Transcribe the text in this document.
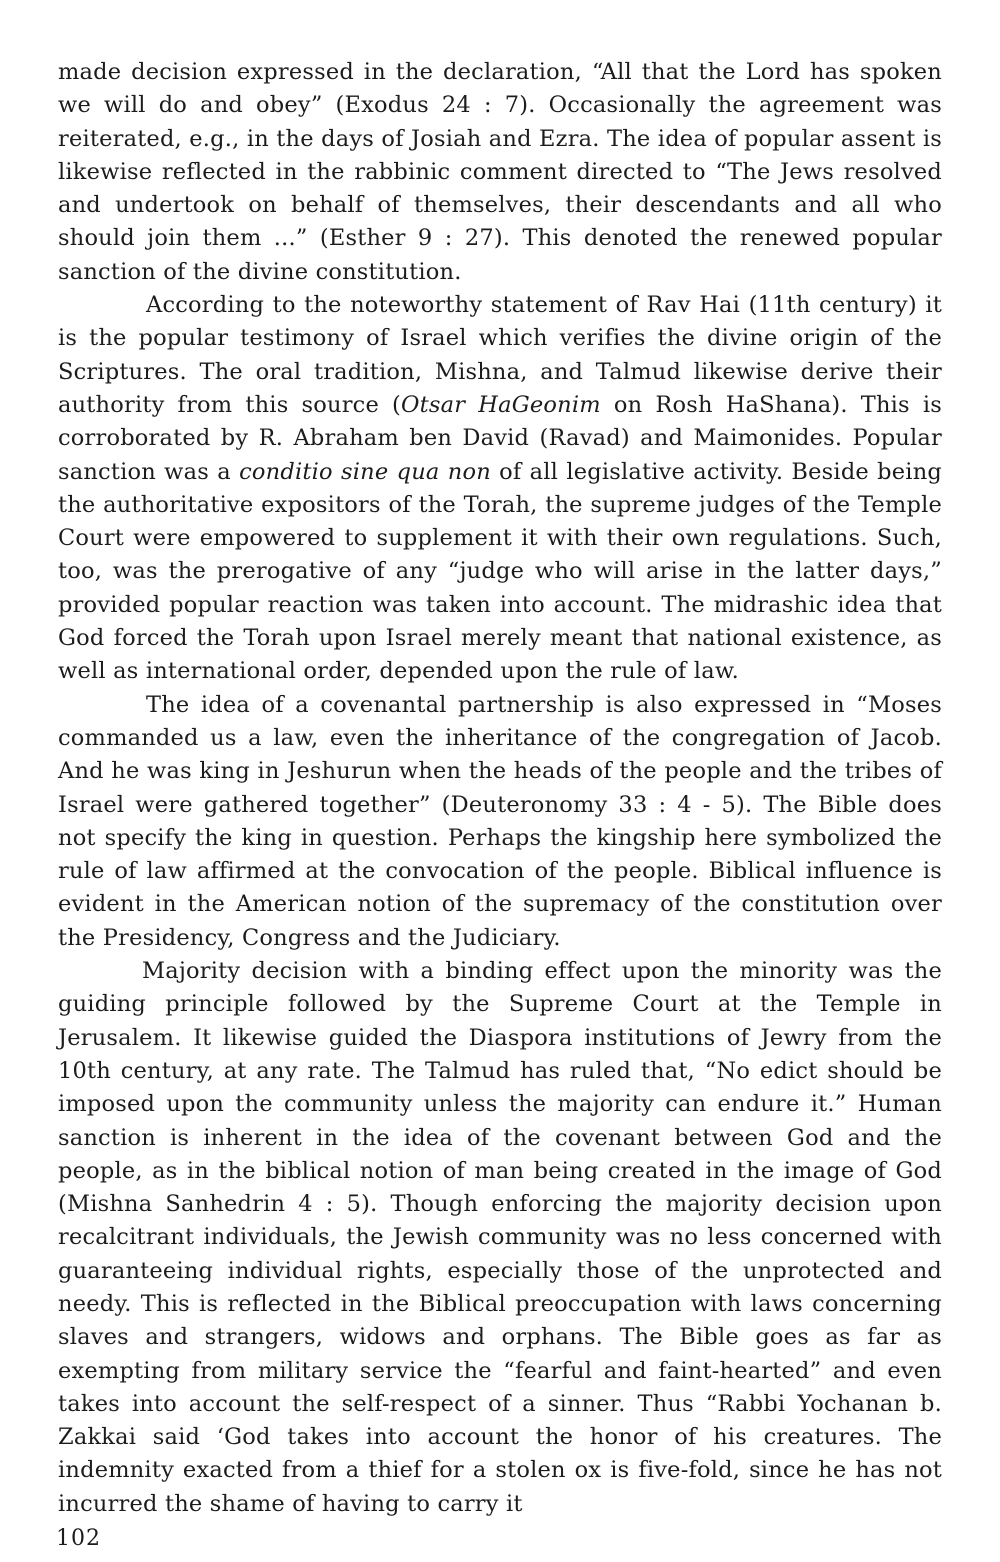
made decision expressed in the declaration, “All that the Lord has spoken we will do and obey” (Exodus 24 : 7). Occasionally the agreement was reiterated, e.g., in the days of Josiah and Ezra. The idea of popular assent is likewise reflected in the rabbinic comment directed to “The Jews resolved and undertook on behalf of themselves, their descendants and all who should join them ...” (Esther 9 : 27). This denoted the renewed popular sanction of the divine constitution.

According to the noteworthy statement of Rav Hai (11th century) it is the popular testimony of Israel which verifies the divine origin of the Scriptures. The oral tradition, Mishna, and Talmud likewise derive their authority from this source (Otsar HaGeonim on Rosh HaShana). This is corroborated by R. Abraham ben David (Ravad) and Maimonides. Popular sanction was a conditio sine qua non of all legislative activity. Beside being the authoritative expositors of the Torah, the supreme judges of the Temple Court were empowered to supplement it with their own regulations. Such, too, was the prerogative of any “judge who will arise in the latter days,” provided popular reaction was taken into account. The midrashic idea that God forced the Torah upon Israel merely meant that national existence, as well as international order, depended upon the rule of law.

The idea of a covenantal partnership is also expressed in “Moses commanded us a law, even the inheritance of the congregation of Jacob. And he was king in Jeshurun when the heads of the people and the tribes of Israel were gathered together” (Deuteronomy 33 : 4 - 5). The Bible does not specify the king in question. Perhaps the kingship here symbolized the rule of law affirmed at the convocation of the people. Biblical influence is evident in the American notion of the supremacy of the constitution over the Presidency, Congress and the Judiciary.

Majority decision with a binding effect upon the minority was the guiding principle followed by the Supreme Court at the Temple in Jerusalem. It likewise guided the Diaspora institutions of Jewry from the 10th century, at any rate. The Talmud has ruled that, “No edict should be imposed upon the community unless the majority can endure it.” Human sanction is inherent in the idea of the covenant between God and the people, as in the biblical notion of man being created in the image of God (Mishna Sanhedrin 4 : 5). Though enforcing the majority decision upon recalcitrant individuals, the Jewish community was no less concerned with guaranteeing individual rights, especially those of the unprotected and needy. This is reflected in the Biblical preoccupation with laws concerning slaves and strangers, widows and orphans. The Bible goes as far as exempting from military service the “fearful and faint-hearted” and even takes into account the self-respect of a sinner. Thus “Rabbi Yochanan b. Zakkai said ‘God takes into account the honor of his creatures. The indemnity exacted from a thief for a stolen ox is five-fold, since he has not incurred the shame of having to carry it

102
